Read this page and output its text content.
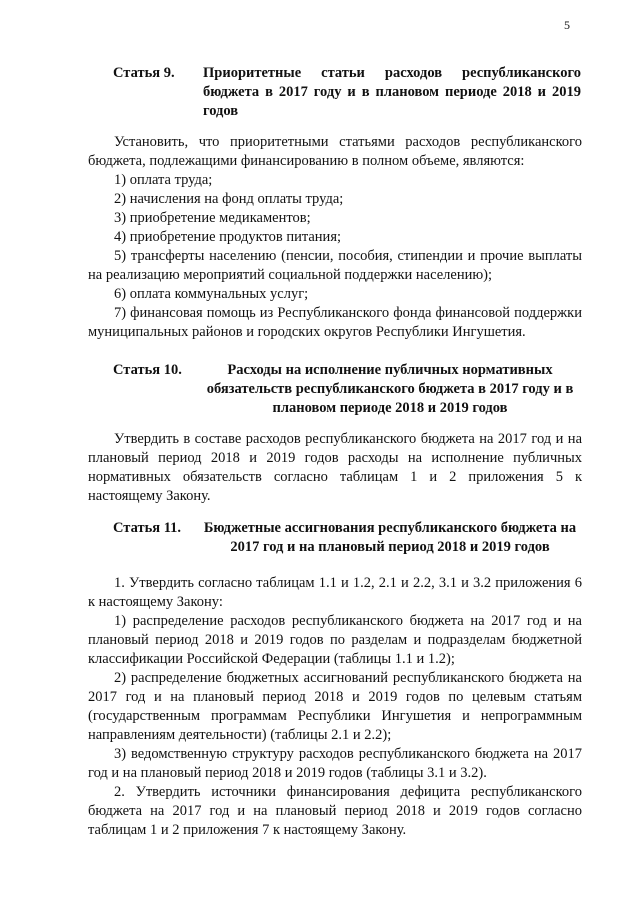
5
Статья 9. Приоритетные статьи расходов республиканского бюджета в 2017 году и в плановом периоде 2018 и 2019 годов

Установить, что приоритетными статьями расходов республиканского бюджета, подлежащими финансированию в полном объеме, являются:

1) оплата труда;

2) начисления на фонд оплаты труда;

3) приобретение медикаментов;

4) приобретение продуктов питания;

5) трансферты населению (пенсии, пособия, стипендии и прочие выплаты на реализацию мероприятий социальной поддержки населению);

6) оплата коммунальных услуг;

7) финансовая помощь из Республиканского фонда финансовой поддержки муниципальных районов и городских округов Республики Ингушетия.

Статья 10.	Расходы на исполнение публичных нормативных обязательств республиканского бюджета в 2017 году и в плановом периоде 2018 и 2019 годов

Утвердить в составе расходов республиканского бюджета на 2017 год и на плановый период 2018 и 2019 годов расходы на исполнение публичных нормативных обязательств согласно таблицам 1 и 2 приложения 5 к настоящему Закону.

Статья 11.	Бюджетные ассигнования республиканского бюджета на 2017 год и на плановый период 2018 и 2019 годов

1. Утвердить согласно таблицам 1.1 и 1.2, 2.1 и 2.2, 3.1 и 3.2 приложения 6 к настоящему Закону:

1) распределение расходов республиканского бюджета на 2017 год и на плановый период 2018 и 2019 годов по разделам и подразделам бюджетной классификации Российской Федерации (таблицы 1.1 и 1.2);

2) распределение бюджетных ассигнований республиканского бюджета на 2017 год и на плановый период 2018 и 2019 годов по целевым статьям (государственным программам Республики Ингушетия и непрограммным направлениям деятельности) (таблицы 2.1 и 2.2);

3) ведомственную структуру расходов республиканского бюджета на 2017 год и на плановый период 2018 и 2019 годов (таблицы 3.1 и 3.2).

2. Утвердить источники финансирования дефицита республиканского бюджета на 2017 год и на плановый период 2018 и 2019 годов согласно таблицам 1 и 2 приложения 7 к настоящему Закону.
